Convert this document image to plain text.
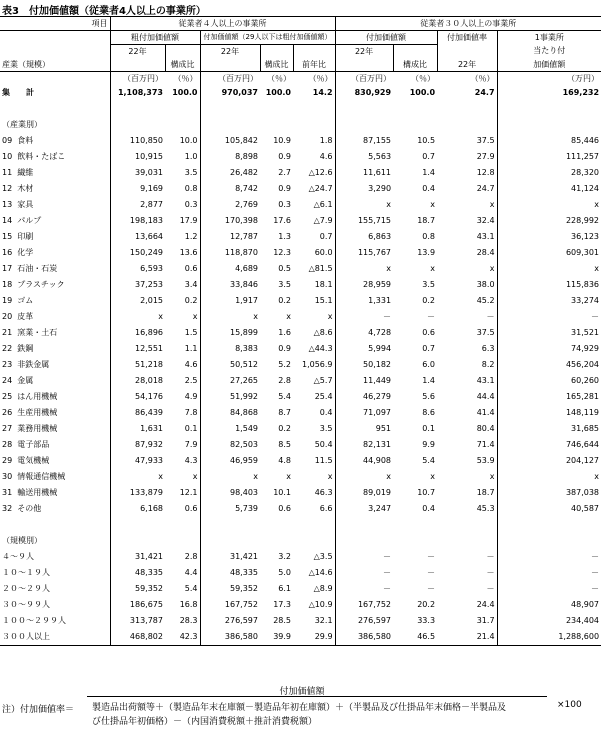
表3　付加価値額（従業者4人以上の事業所）
項目	従業者４人以上の事業所					従業者３０人以上の事業所			
	粗付加価値額		付加価値額（29人以下は粗付加価値額）			付加価値額		付加価値率	1事業所
	22年		22年			22年			当たり付
産業（規模）		構成比		構成比	前年比		構成比	22年	加価値額
	（百万円）	（％）	（百万円）	（％）	（％）	（百万円）	（％）	（％）	（万円）
集　　計	1,108,373	100.0	970,037	100.0	14.2	830,929	100.0	24.7	169,232

（産業別）									
09 食料	110,850	10.0	105,842	10.9	1.8	87,155	10.5	37.5	85,446
10 飲料・たばこ	10,915	1.0	8,898	0.9	4.6	5,563	0.7	27.9	111,257
11 繊維	39,031	3.5	26,482	2.7	△12.6	11,611	1.4	12.8	28,320
12 木材	9,169	0.8	8,742	0.9	△24.7	3,290	0.4	24.7	41,124
13 家具	2,877	0.3	2,769	0.3	△6.1	x	x	x	x
14 パルプ	198,183	17.9	170,398	17.6	△7.9	155,715	18.7	32.4	228,992
15 印刷	13,664	1.2	12,787	1.3	0.7	6,863	0.8	43.1	36,123
16 化学	150,249	13.6	118,870	12.3	60.0	115,767	13.9	28.4	609,301
17 石油・石炭	6,593	0.6	4,689	0.5	△81.5	x	x	x	x
18 プラスチック	37,253	3.4	33,846	3.5	18.1	28,959	3.5	38.0	115,836
19 ゴム	2,015	0.2	1,917	0.2	15.1	1,331	0.2	45.2	33,274
20 皮革	x	x	x	x	x	－	－	－	－
21 窯業・土石	16,896	1.5	15,899	1.6	△8.6	4,728	0.6	37.5	31,521
22 鉄鋼	12,551	1.1	8,383	0.9	△44.3	5,994	0.7	6.3	74,929
23 非鉄金属	51,218	4.6	50,512	5.2	1,056.9	50,182	6.0	8.2	456,204
24 金属	28,018	2.5	27,265	2.8	△5.7	11,449	1.4	43.1	60,260
25 はん用機械	54,176	4.9	51,992	5.4	25.4	46,279	5.6	44.4	165,281
26 生産用機械	86,439	7.8	84,868	8.7	0.4	71,097	8.6	41.4	148,119
27 業務用機械	1,631	0.1	1,549	0.2	3.5	951	0.1	80.4	31,685
28 電子部品	87,932	7.9	82,503	8.5	50.4	82,131	9.9	71.4	746,644
29 電気機械	47,933	4.3	46,959	4.8	11.5	44,908	5.4	53.9	204,127
30 情報通信機械	x	x	x	x	x	x	x	x	x
31 輸送用機械	133,879	12.1	98,403	10.1	46.3	89,019	10.7	18.7	387,038
32 その他	6,168	0.6	5,739	0.6	6.6	3,247	0.4	45.3	40,587

（規模別）									
４～９人	31,421	2.8	31,421	3.2	△3.5	－	－	－	－
１０～１９人	48,335	4.4	48,335	5.0	△14.6	－	－	－	－
２０～２９人	59,352	5.4	59,352	6.1	△8.9	－	－	－	－
３０～９９人	186,675	16.8	167,752	17.3	△10.9	167,752	20.2	24.4	48,907
１００～２９９人	313,787	28.3	276,597	28.5	32.1	276,597	33.3	31.7	234,404
３００人以上	468,802	42.3	386,580	39.9	29.9	386,580	46.5	21.4	1,288,600
注）付加価値率＝
付加価値額
製造品出荷額等＋（製造品年末在庫額－製造品年初在庫額）＋（半製品及び仕掛品年末価格－半製品及
び仕掛品年初価格）－（内国消費税額＋推計消費税額）
×100
